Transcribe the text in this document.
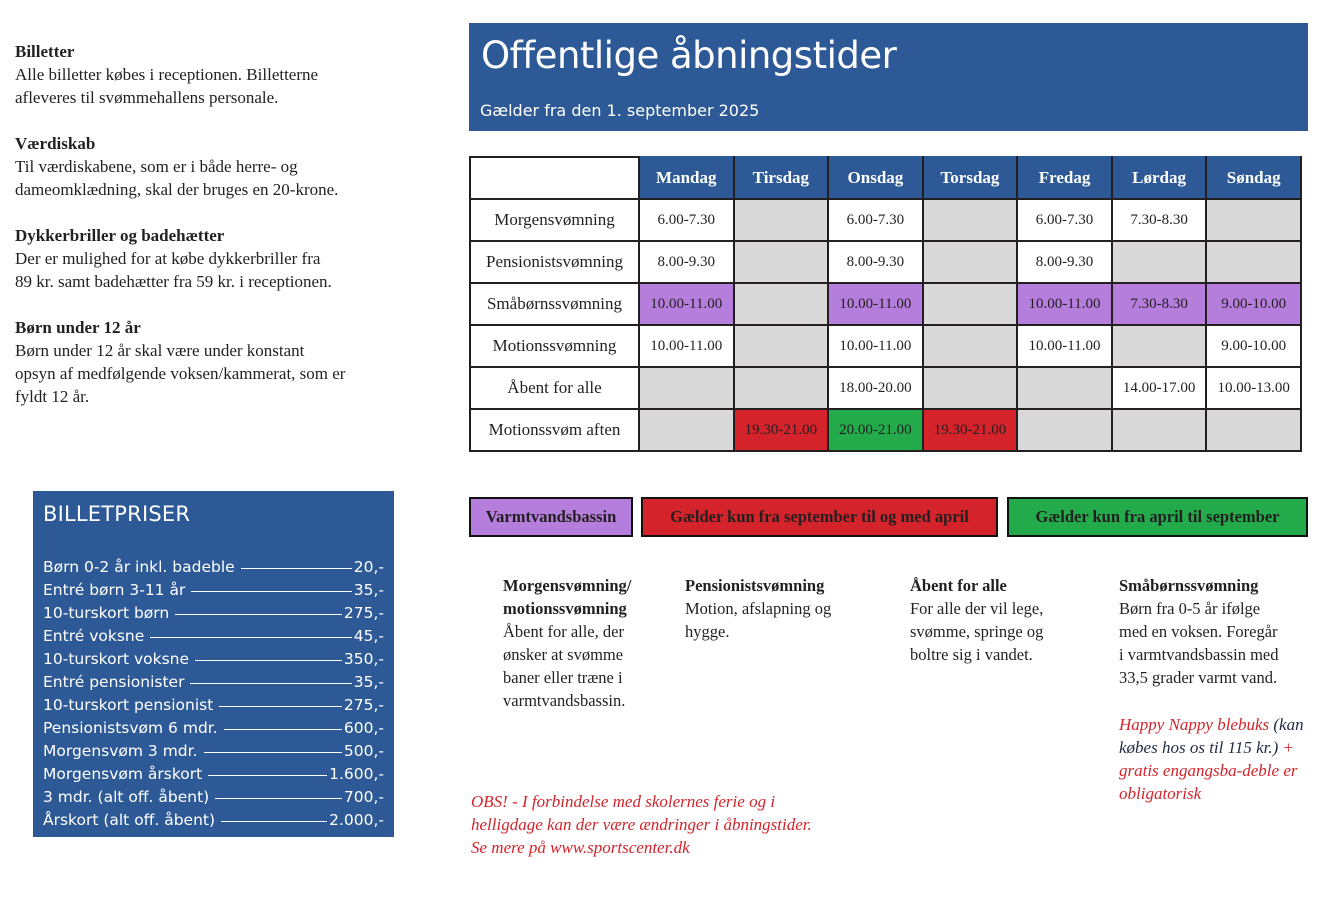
Billetter
Alle billetter købes i receptionen. Billetterne
afleveres til svømmehallens personale.
Værdiskab
Til værdiskabene, som er i både herre- og
dameomklædning, skal der bruges en 20-krone.
Dykkerbriller og badehætter
Der er mulighed for at købe dykkerbriller fra
89 kr. samt badehætter fra 59 kr. i receptionen.
Børn under 12 år
Børn under 12 år skal være under konstant
opsyn af medfølgende voksen/kammerat, som er
fyldt 12 år.
BILLETPRISER
Børn 0-2 år inkl. badeble	20,-
Entré børn 3-11 år	35,-
10-turskort børn	275,-
Entré voksne	45,-
10-turskort voksne	350,-
Entré pensionister	35,-
10-turskort pensionist	275,-
Pensionistsvøm 6 mdr.	600,-
Morgensvøm 3 mdr.	500,-
Morgensvøm årskort	1.600,-
3 mdr. (alt off. åbent)	700,-
Årskort (alt off. åbent)	2.000,-
Offentlige åbningstider
Gælder fra den 1. september 2025
	Mandag	Tirsdag	Onsdag	Torsdag	Fredag	Lørdag	Søndag
Morgensvømning	6.00-7.30		6.00-7.30		6.00-7.30	7.30-8.30	
Pensionistsvømning	8.00-9.30		8.00-9.30		8.00-9.30		
Småbørnssvømning	10.00-11.00		10.00-11.00		10.00-11.00	7.30-8.30	9.00-10.00
Motionssvømning	10.00-11.00		10.00-11.00		10.00-11.00		9.00-10.00
Åbent for alle			18.00-20.00			14.00-17.00	10.00-13.00
Motionssvøm aften		19.30-21.00	20.00-21.00	19.30-21.00			
Varmtvandsbassin	Gælder kun fra september til og med april	Gælder kun fra april til september
Morgensvømning/
motionssvømning
Åbent for alle, der
ønsker at svømme
baner eller træne i
varmtvandsbassin.
Pensionistsvømning
Motion, afslapning og
hygge.
Åbent for alle
For alle der vil lege,
svømme, springe og
boltre sig i vandet.
Småbørnssvømning
Børn fra 0-5 år ifølge
med en voksen. Foregår
i varmtvandsbassin med
33,5 grader varmt vand.
Happy Nappy blebuks (kan købes hos os til 115 kr.) + gratis engangsba-deble er obligatorisk
OBS! - I forbindelse med skolernes ferie og i
helligdage kan der være ændringer i åbningstider.
Se mere på www.sportscenter.dk
